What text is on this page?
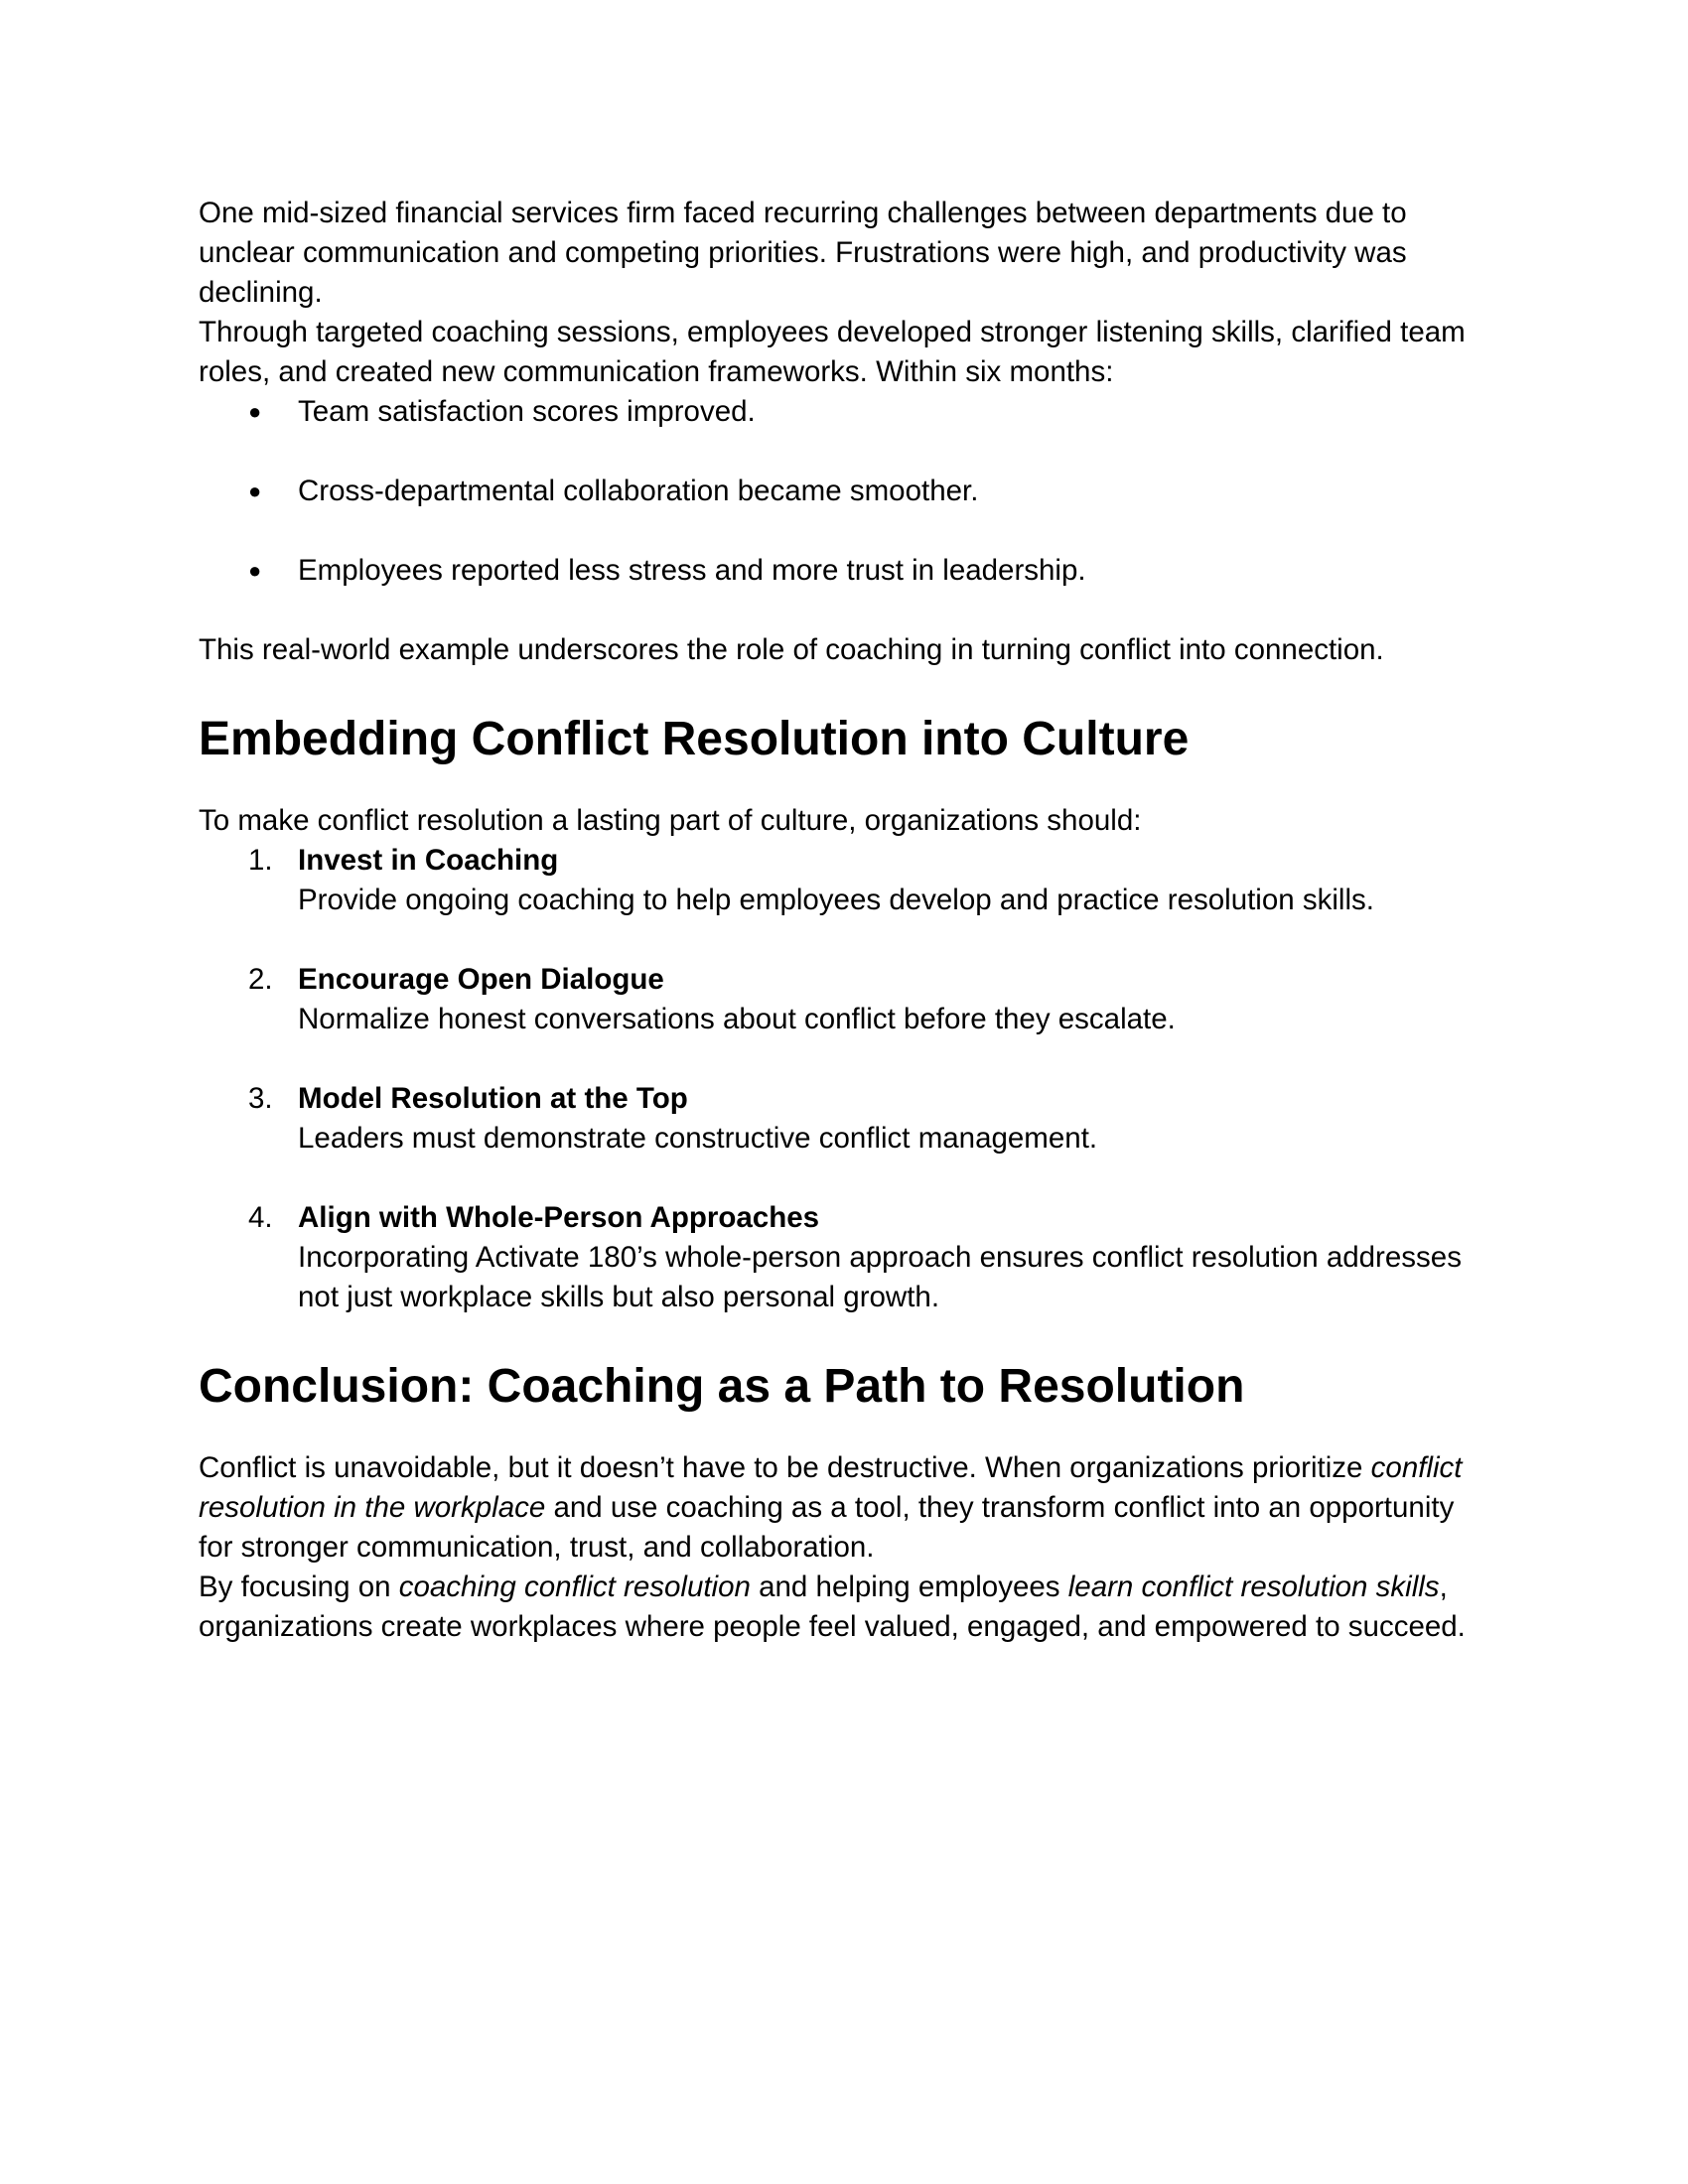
One mid-sized financial services firm faced recurring challenges between departments due to unclear communication and competing priorities. Frustrations were high, and productivity was declining.

Through targeted coaching sessions, employees developed stronger listening skills, clarified team roles, and created new communication frameworks. Within six months:

● Team satisfaction scores improved.
● Cross-departmental collaboration became smoother.
● Employees reported less stress and more trust in leadership.

This real-world example underscores the role of coaching in turning conflict into connection.

Embedding Conflict Resolution into Culture

To make conflict resolution a lasting part of culture, organizations should:

1. Invest in Coaching
Provide ongoing coaching to help employees develop and practice resolution skills.
2. Encourage Open Dialogue
Normalize honest conversations about conflict before they escalate.
3. Model Resolution at the Top
Leaders must demonstrate constructive conflict management.
4. Align with Whole-Person Approaches
Incorporating Activate 180’s whole-person approach ensures conflict resolution addresses not just workplace skills but also personal growth.
Conclusion: Coaching as a Path to Resolution

Conflict is unavoidable, but it doesn’t have to be destructive. When organizations prioritize conflict resolution in the workplace and use coaching as a tool, they transform conflict into an opportunity for stronger communication, trust, and collaboration.

By focusing on coaching conflict resolution and helping employees learn conflict resolution skills, organizations create workplaces where people feel valued, engaged, and empowered to succeed.
